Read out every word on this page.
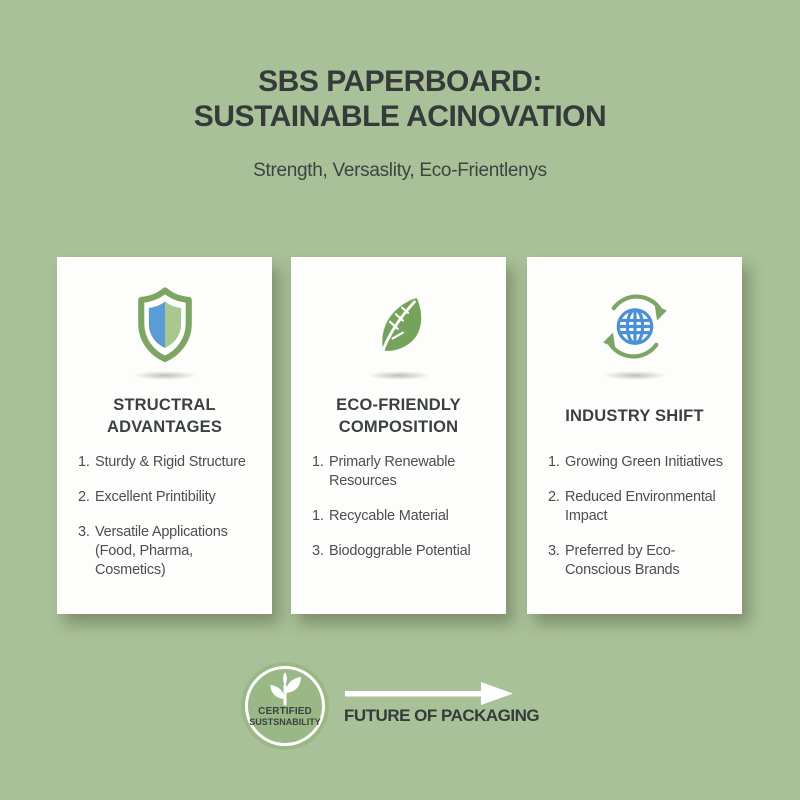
SBS PAPERBOARD:
SUSTAINABLE ACINOVATION
Strength, Versaslity, Eco-Frientlenys
STRUCTRAL ADVANTAGES
1. Sturdy & Rigid Structure
2. Excellent Printibility
3. Versatile Applications (Food, Pharma, Cosmetics)
ECO-FRIENDLY COMPOSITION
1. Primarly Renewable Resources
1. Recycable Material
3. Biodoggrable Potential
INDUSTRY SHIFT
1. Growing Green Initiatives
2. Reduced Environmental Impact
3. Preferred by Eco-Conscious Brands
CERTIFIED
SUSTSNABILITY	FUTURE OF PACKAGING
